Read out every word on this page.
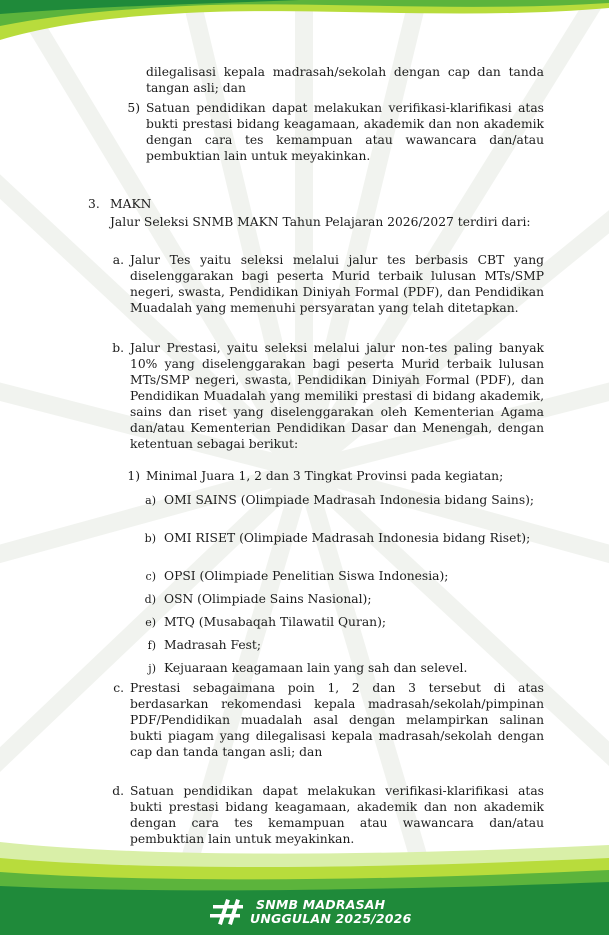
dilegalisasi kepala madrasah/sekolah dengan cap dan tanda tangan asli; dan
5) Satuan pendidikan dapat melakukan verifikasi-klarifikasi atas bukti prestasi bidang keagamaan, akademik dan non akademik dengan cara tes kemampuan atau wawancara dan/atau pembuktian lain untuk meyakinkan.
3. MAKN
Jalur Seleksi SNMB MAKN Tahun Pelajaran 2026/2027 terdiri dari:
a. Jalur Tes yaitu seleksi melalui jalur tes berbasis CBT yang diselenggarakan bagi peserta Murid terbaik lulusan MTs/SMP negeri, swasta, Pendidikan Diniyah Formal (PDF), dan Pendidikan Muadalah yang memenuhi persyaratan yang telah ditetapkan.
b. Jalur Prestasi, yaitu seleksi melalui jalur non-tes paling banyak 10% yang diselenggarakan bagi peserta Murid terbaik lulusan MTs/SMP negeri, swasta, Pendidikan Diniyah Formal (PDF), dan Pendidikan Muadalah yang memiliki prestasi di bidang akademik, sains dan riset yang diselenggarakan oleh Kementerian Agama dan/atau Kementerian Pendidikan Dasar dan Menengah, dengan ketentuan sebagai berikut:
1) Minimal Juara 1, 2 dan 3 Tingkat Provinsi pada kegiatan;
a) OMI SAINS (Olimpiade Madrasah Indonesia bidang Sains);
b) OMI RISET (Olimpiade Madrasah Indonesia bidang Riset);
c) OPSI (Olimpiade Penelitian Siswa Indonesia);
d) OSN (Olimpiade Sains Nasional);
e) MTQ (Musabaqah Tilawatil Quran);
f) Madrasah Fest;
j) Kejuaraan keagamaan lain yang sah dan selevel.
c. Prestasi sebagaimana poin 1, 2 dan 3 tersebut di atas berdasarkan rekomendasi kepala madrasah/sekolah/pimpinan PDF/Pendidikan muadalah asal dengan melampirkan salinan bukti piagam yang dilegalisasi kepala madrasah/sekolah dengan cap dan tanda tangan asli; dan
d. Satuan pendidikan dapat melakukan verifikasi-klarifikasi atas bukti prestasi bidang keagamaan, akademik dan non akademik dengan cara tes kemampuan atau wawancara dan/atau pembuktian lain untuk meyakinkan.
SNMB MADRASAH
UNGGULAN 2025/2026
